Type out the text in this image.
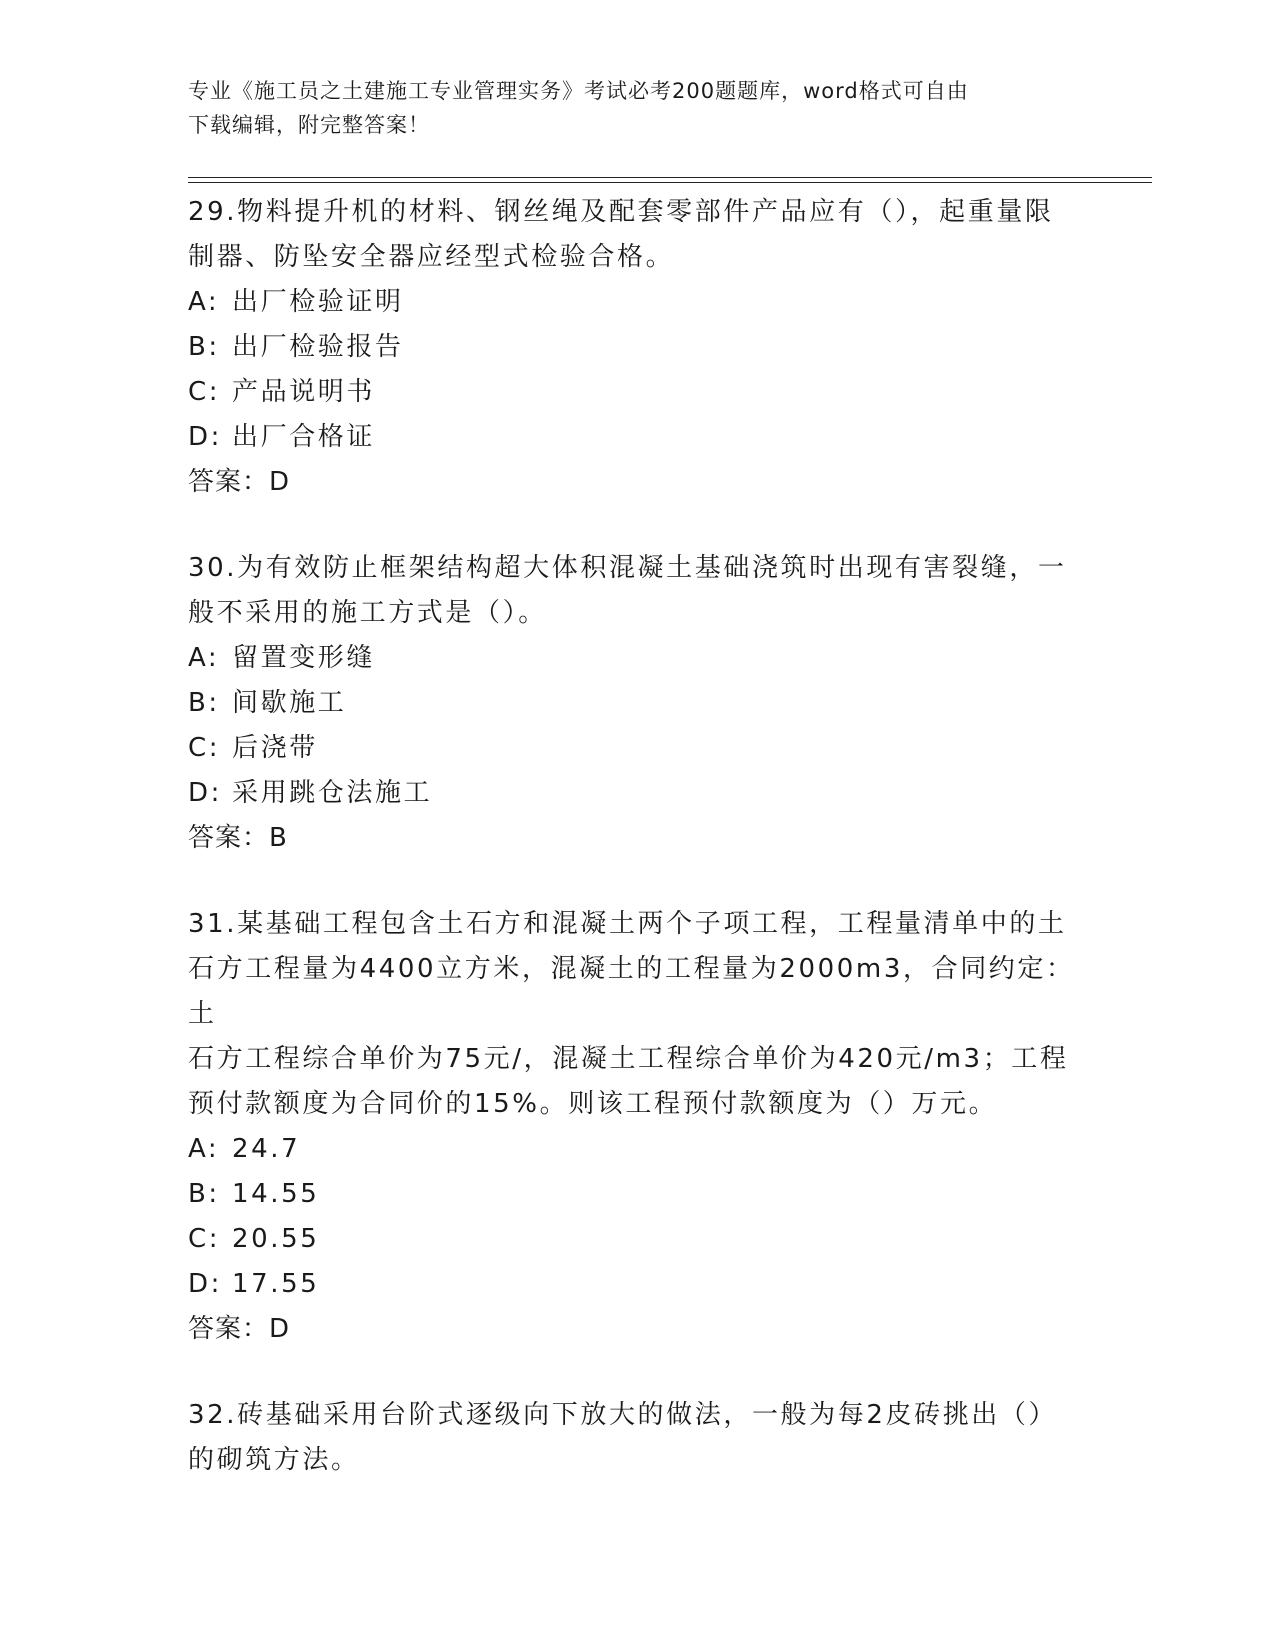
专业《施工员之土建施工专业管理实务》考试必考200题题库，word格式可自由
下载编辑，附完整答案！

29.物料提升机的材料、钢丝绳及配套零部件产品应有（），起重量限

制器、防坠安全器应经型式检验合格。

A: 出厂检验证明

B: 出厂检验报告

C: 产品说明书

D: 出厂合格证

答案：D

30.为有效防止框架结构超大体积混凝土基础浇筑时出现有害裂缝，一

般不采用的施工方式是（）。

A: 留置变形缝

B: 间歇施工

C: 后浇带

D: 采用跳仓法施工

答案：B

31.某基础工程包含土石方和混凝土两个子项工程，工程量清单中的土

石方工程量为4400立方米，混凝土的工程量为2000m3，合同约定：土

石方工程综合单价为75元/，混凝土工程综合单价为420元/m3；工程

预付款额度为合同价的15%。则该工程预付款额度为（）万元。

A: 24.7

B: 14.55

C: 20.55

D: 17.55

答案：D

32.砖基础采用台阶式逐级向下放大的做法，一般为每2皮砖挑出（）

的砌筑方法。
